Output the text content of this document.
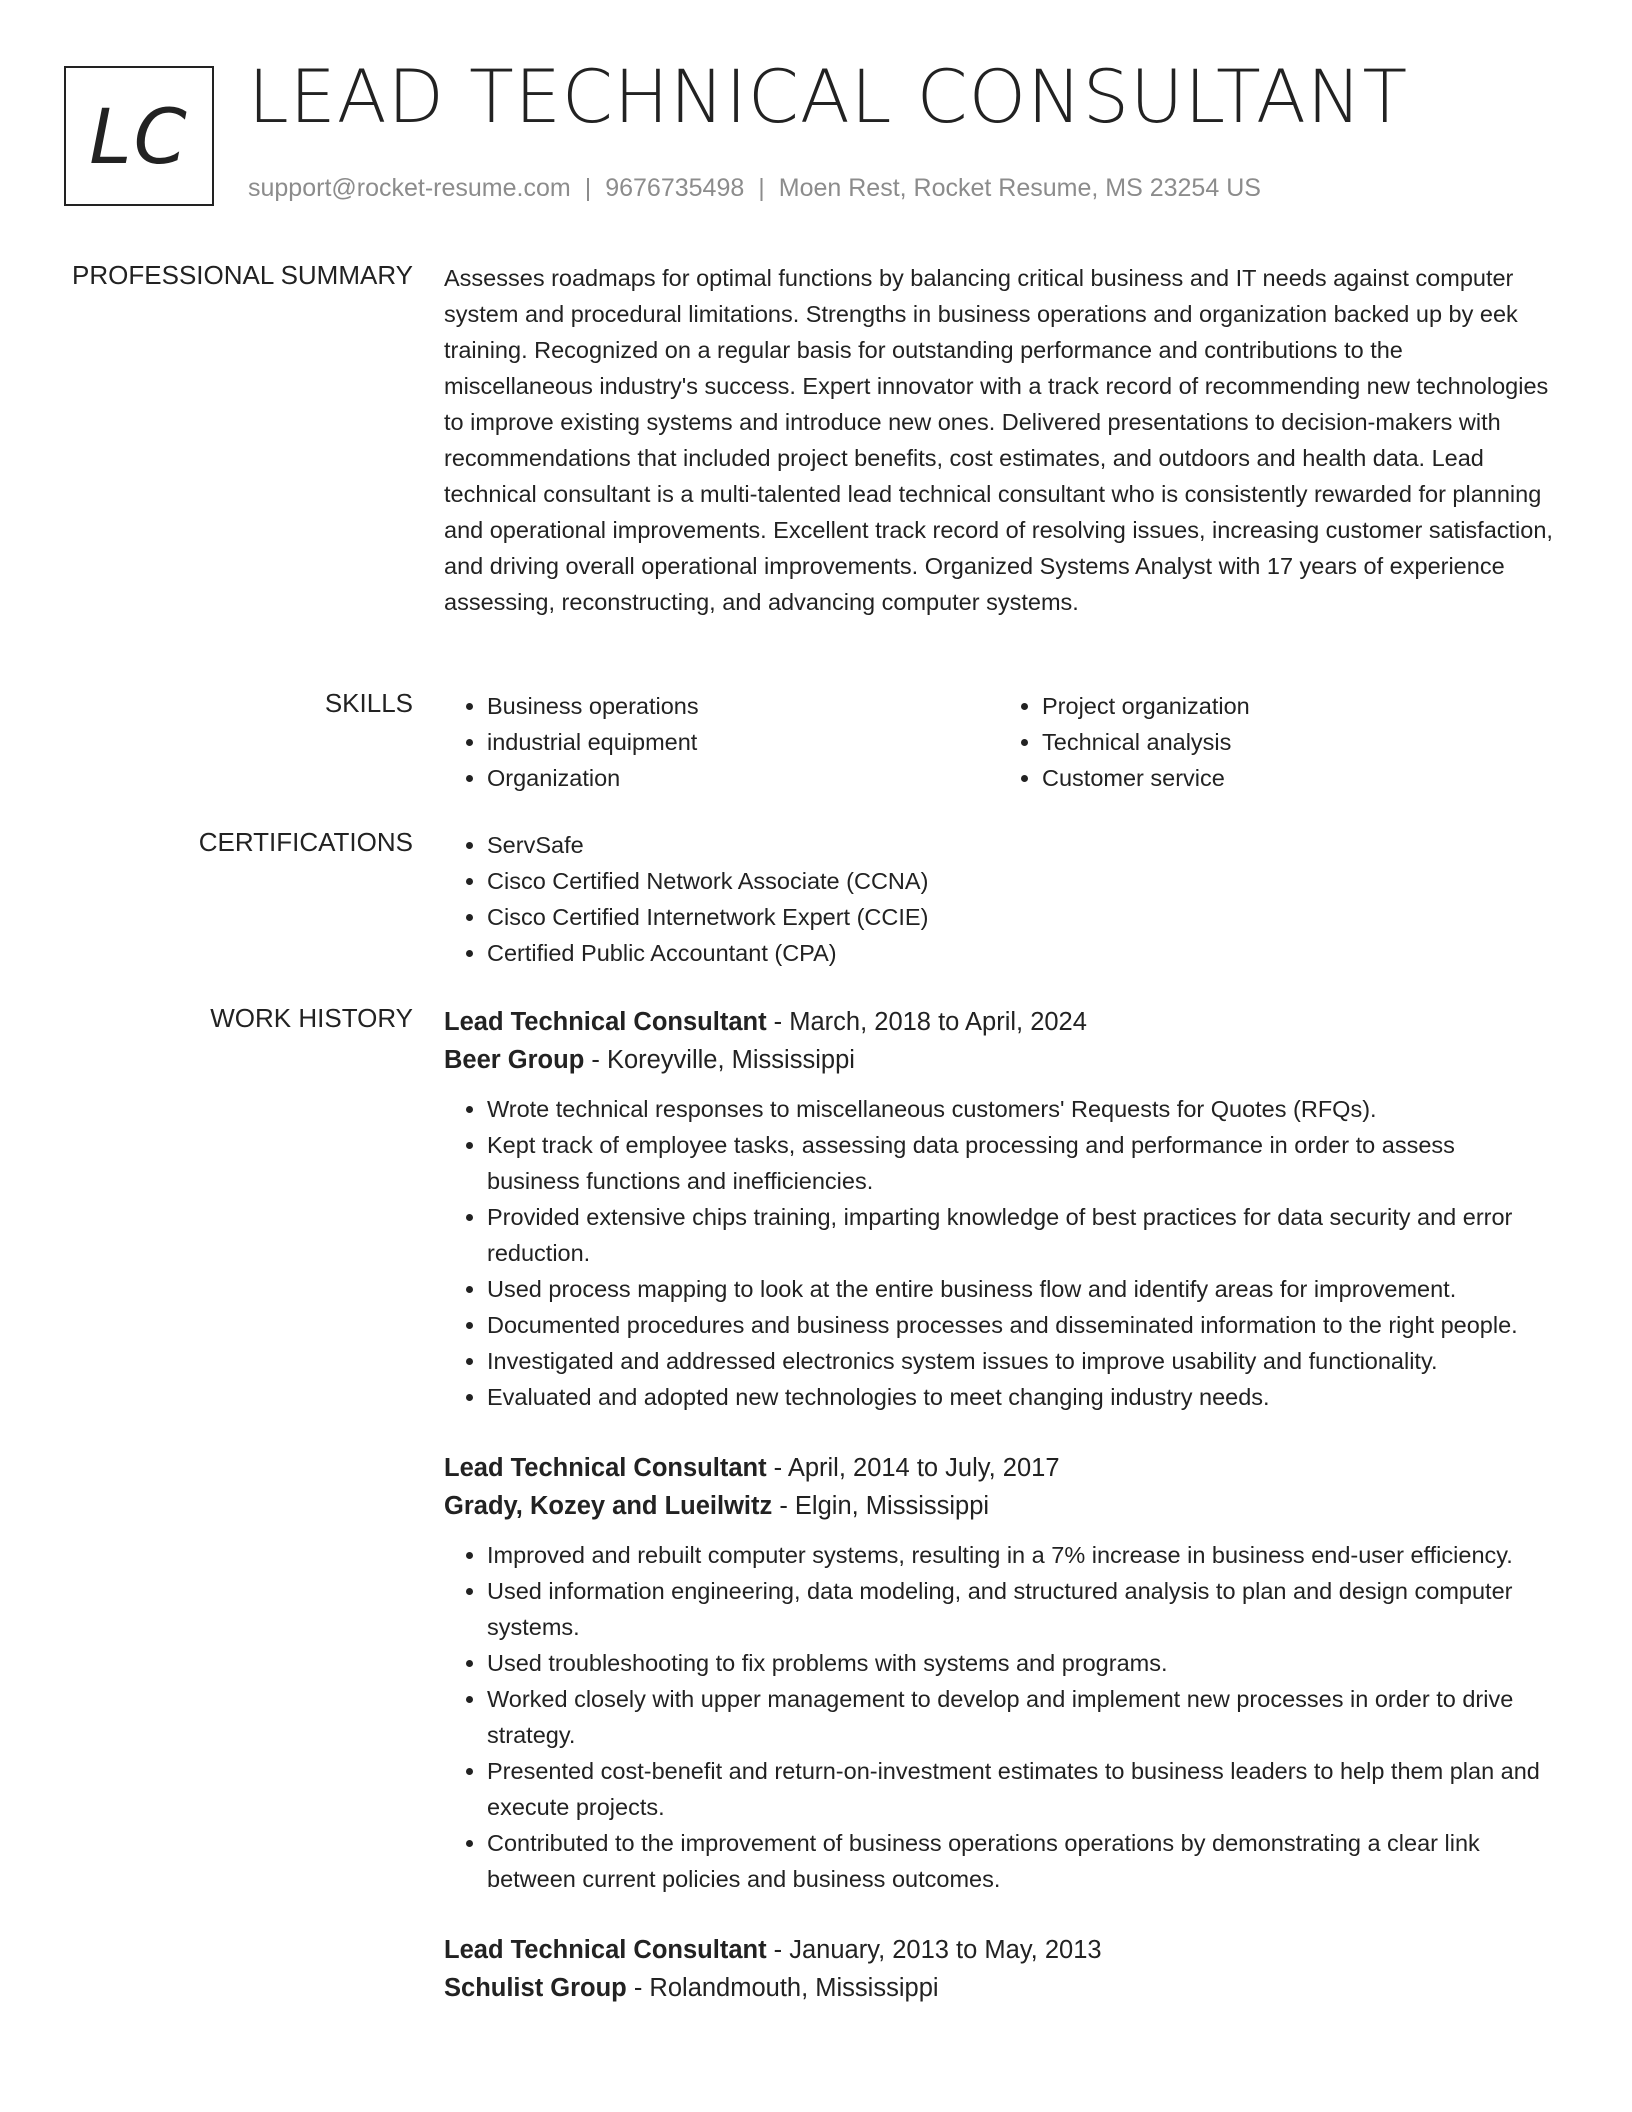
LC LEAD TECHNICAL CONSULTANT
support@rocket-resume.com | 9676735498 | Moen Rest, Rocket Resume, MS 23254 US
PROFESSIONAL SUMMARY Assesses roadmaps for optimal functions by balancing critical business and IT needs against computer system and procedural limitations. Strengths in business operations and organization backed up by eek training. Recognized on a regular basis for outstanding performance and contributions to the miscellaneous industry's success. Expert innovator with a track record of recommending new technologies to improve existing systems and introduce new ones. Delivered presentations to decision-makers with recommendations that included project benefits, cost estimates, and outdoors and health data. Lead technical consultant is a multi-talented lead technical consultant who is consistently rewarded for planning and operational improvements. Excellent track record of resolving issues, increasing customer satisfaction, and driving overall operational improvements. Organized Systems Analyst with 17 years of experience assessing, reconstructing, and advancing computer systems.
SKILLS	• Business operations
• industrial equipment
• Organization
• Project organization
• Technical analysis
• Customer service
CERTIFICATIONS	• ServSafe
• Cisco Certified Network Associate (CCNA)
• Cisco Certified Internetwork Expert (CCIE)
• Certified Public Accountant (CPA)
WORK HISTORY Lead Technical Consultant - March, 2018 to April, 2024
Beer Group - Koreyville, Mississippi
• Wrote technical responses to miscellaneous customers' Requests for Quotes (RFQs).
• Kept track of employee tasks, assessing data processing and performance in order to assess business functions and inefficiencies.
• Provided extensive chips training, imparting knowledge of best practices for data security and error reduction.
• Used process mapping to look at the entire business flow and identify areas for improvement.
• Documented procedures and business processes and disseminated information to the right people.
• Investigated and addressed electronics system issues to improve usability and functionality.
• Evaluated and adopted new technologies to meet changing industry needs.
Lead Technical Consultant - April, 2014 to July, 2017
Grady, Kozey and Lueilwitz - Elgin, Mississippi
• Improved and rebuilt computer systems, resulting in a 7% increase in business end-user efficiency.
• Used information engineering, data modeling, and structured analysis to plan and design computer systems.
• Used troubleshooting to fix problems with systems and programs.
• Worked closely with upper management to develop and implement new processes in order to drive strategy.
• Presented cost-benefit and return-on-investment estimates to business leaders to help them plan and execute projects.
• Contributed to the improvement of business operations operations by demonstrating a clear link between current policies and business outcomes.
Lead Technical Consultant - January, 2013 to May, 2013
Schulist Group - Rolandmouth, Mississippi
